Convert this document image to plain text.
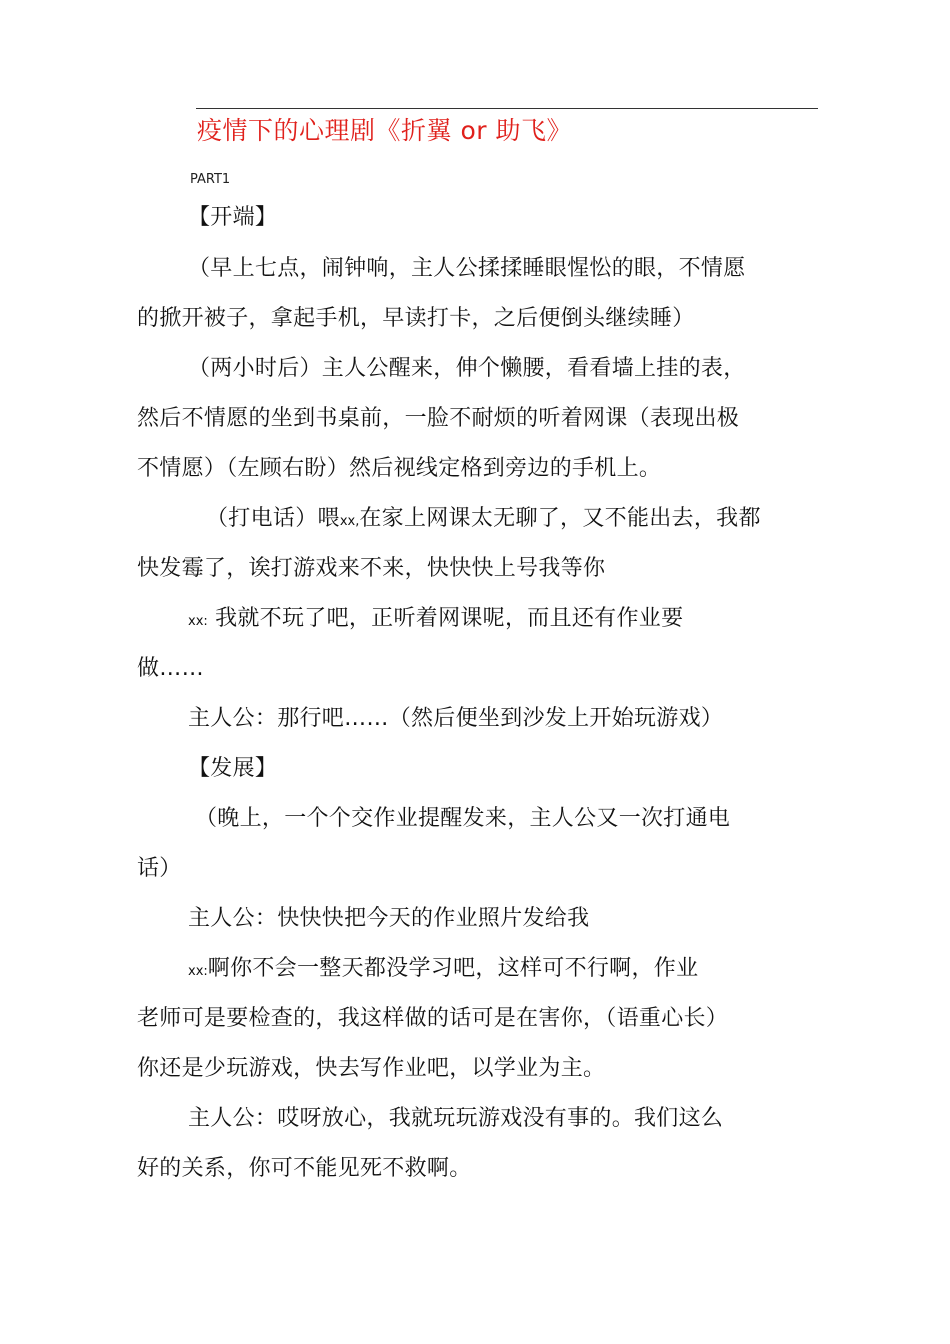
疫情下的心理剧《折翼 or 助飞》
PART1
【开端】
（早上七点，闹钟响，主人公揉揉睡眼惺忪的眼，不情愿
的掀开被子，拿起手机，早读打卡，之后便倒头继续睡）
（两小时后）主人公醒来，伸个懒腰，看看墙上挂的表，
然后不情愿的坐到书桌前，一脸不耐烦的听着网课（表现出极
不情愿）（左顾右盼）然后视线定格到旁边的手机上。
（打电话）喂xx,在家上网课太无聊了，又不能出去，我都
快发霉了，诶打游戏来不来，快快快上号我等你
xx: 我就不玩了吧，正听着网课呢，而且还有作业要
做……
主人公：那行吧……（然后便坐到沙发上开始玩游戏）
【发展】
（晚上，一个个交作业提醒发来，主人公又一次打通电
话）
主人公：快快快把今天的作业照片发给我
xx:啊你不会一整天都没学习吧，这样可不行啊，作业
老师可是要检查的，我这样做的话可是在害你，（语重心长）
你还是少玩游戏，快去写作业吧，以学业为主。
主人公：哎呀放心，我就玩玩游戏没有事的。我们这么
好的关系，你可不能见死不救啊。
